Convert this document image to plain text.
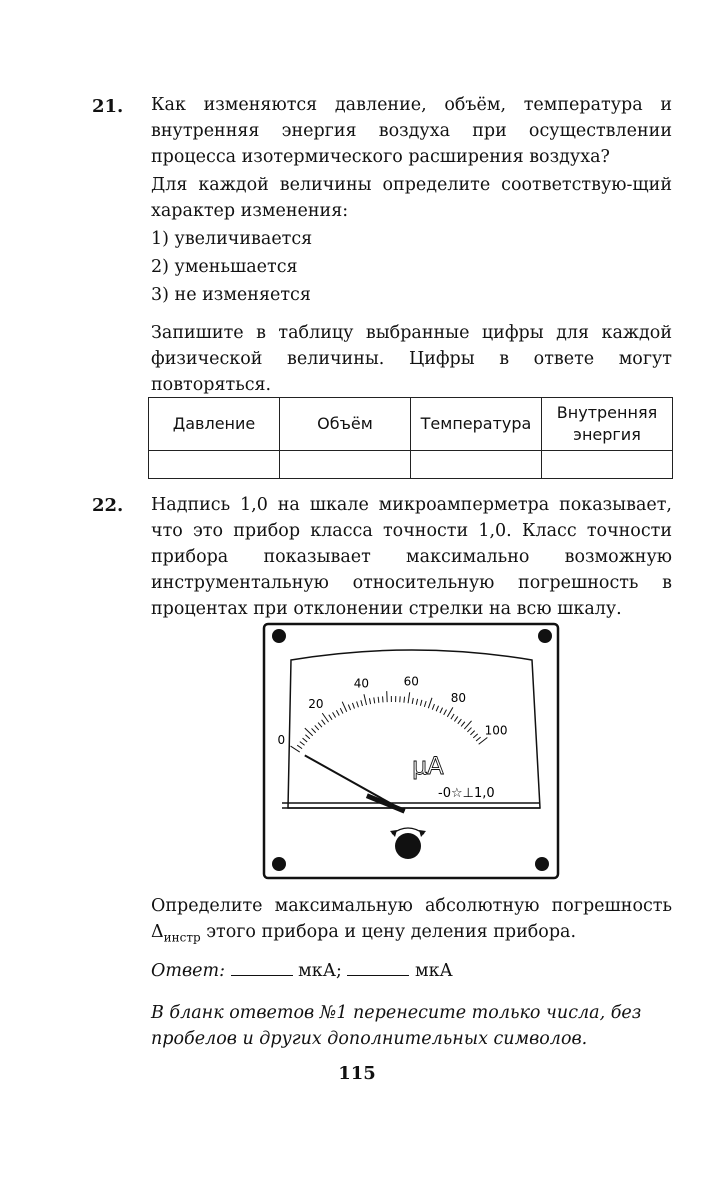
21. Как изменяются давление, объём, температура и внутренняя энергия воздуха при осуществлении процесса изотермического расширения воздуха?

Для каждой величины определите соответствую-щий характер изменения:

1) увеличивается
2) уменьшается
3) не изменяется

Запишите в таблицу выбранные цифры для каждой физической величины. Цифры в ответе могут повторяться.

Давление	Объём	Температура	Внутренняя энергия

22. Надпись 1,0 на шкале микроамперметра показывает, что это прибор класса точности 1,0. Класс точности прибора показывает максимально возможную инструментальную относительную погрешность в процентах при отклонении стрелки на всю шкалу.

0
20
40	60
80
100
μA
-0☆⊥1,0

Определите максимальную абсолютную погрешность $\Delta_{инстр}$ этого прибора и цену деления прибора.

Ответ:	мкА;	мкА
В бланк ответов №1 перенесите только числа, без пробелов и других дополнительных символов.
115
